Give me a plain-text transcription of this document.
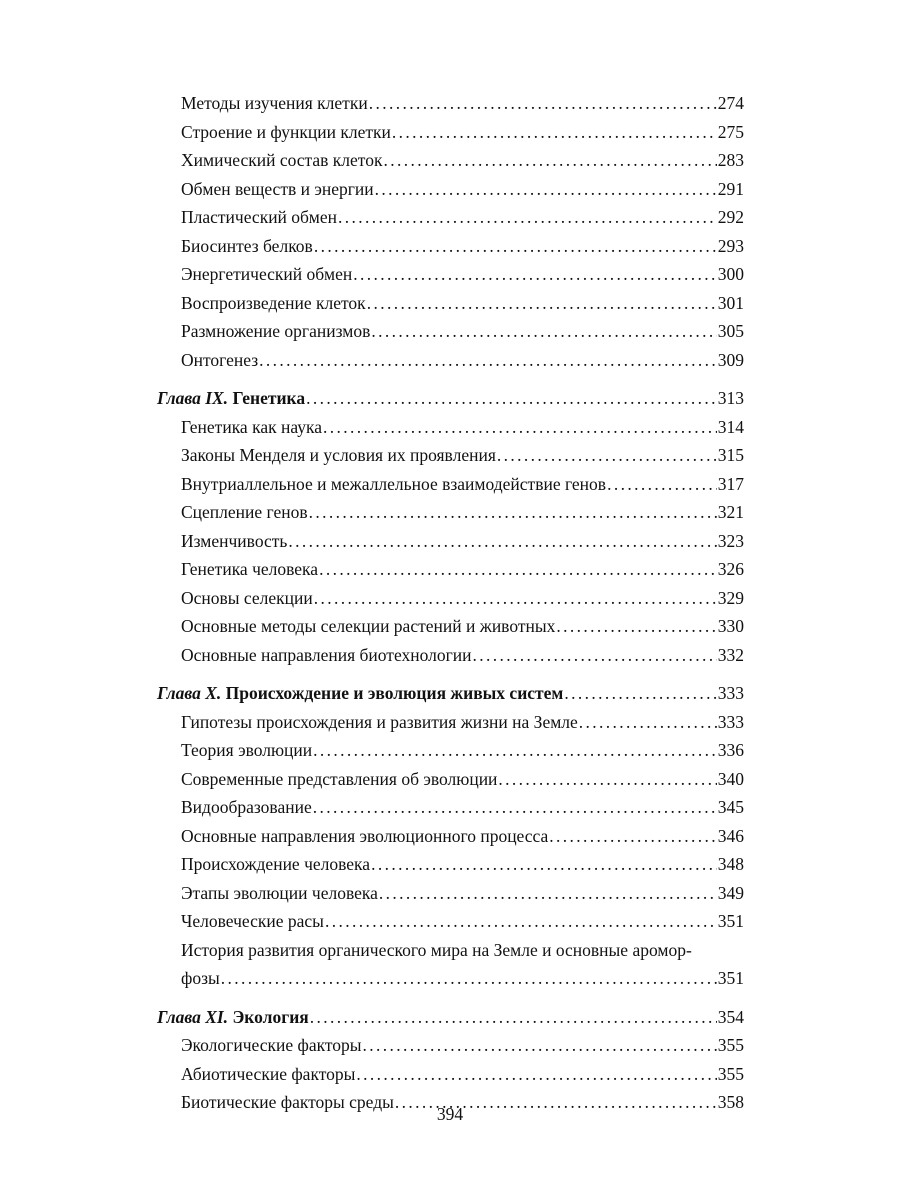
Методы изучения клетки . . .	274
Строение и функции клетки . . .	275
Химический состав клеток . . .	283
Обмен веществ и энергии . . .	291
Пластический обмен . . .	292
Биосинтез белков . . .	293
Энергетический обмен . . .	300
Воспроизведение клеток . . .	301
Размножение организмов . . .	305
Онтогенез . . .	309
Глава IX. Генетика . . .	313
Генетика как наука . . .	314
Законы Менделя и условия их проявления . . .	315
Внутриаллельное и межаллельное взаимодействие генов . . .	317
Сцепление генов . . .	321
Изменчивость . . .	323
Генетика человека . . .	326
Основы селекции . . .	329
Основные методы селекции растений и животных . . .	330
Основные направления биотехнологии . . .	332
Глава X. Происхождение и эволюция живых систем . . .	333
Гипотезы происхождения и развития жизни на Земле . . .	333
Теория эволюции . . .	336
Современные представления об эволюции . . .	340
Видообразование . . .	345
Основные направления эволюционного процесса . . .	346
Происхождение человека . . .	348
Этапы эволюции человека . . .	349
Человеческие расы . . .	351
История развития органического мира на Земле и основные аромор-
фозы . . .	351
Глава XI. Экология . . .	354
Экологические факторы . . .	355
Абиотические факторы . . .	355
Биотические факторы среды . . .	358
394
